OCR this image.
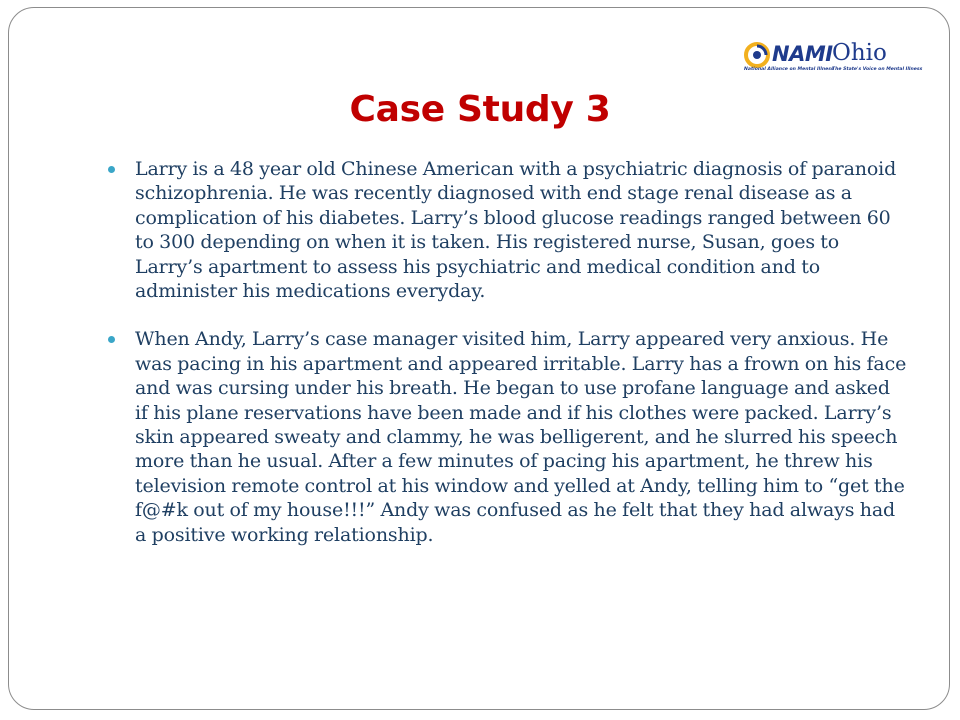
NAMI Ohio
National Alliance on Mental Illness
The State's Voice on Mental Illness
Case Study 3
Larry is a 48 year old Chinese American with a psychiatric diagnosis of paranoid schizophrenia. He was recently diagnosed with end stage renal disease as a complication of his diabetes. Larry’s blood glucose readings ranged between 60 to 300 depending on when it is taken. His registered nurse, Susan, goes to Larry’s apartment to assess his psychiatric and medical condition and to administer his medications everyday.
When Andy, Larry’s case manager visited him, Larry appeared very anxious. He was pacing in his apartment and appeared irritable. Larry has a frown on his face and was cursing under his breath. He began to use profane language and asked if his plane reservations have been made and if his clothes were packed. Larry’s skin appeared sweaty and clammy, he was belligerent, and he slurred his speech more than he usual. After a few minutes of pacing his apartment, he threw his television remote control at his window and yelled at Andy, telling him to “get the f@#k out of my house!!!” Andy was confused as he felt that they had always had a positive working relationship.
